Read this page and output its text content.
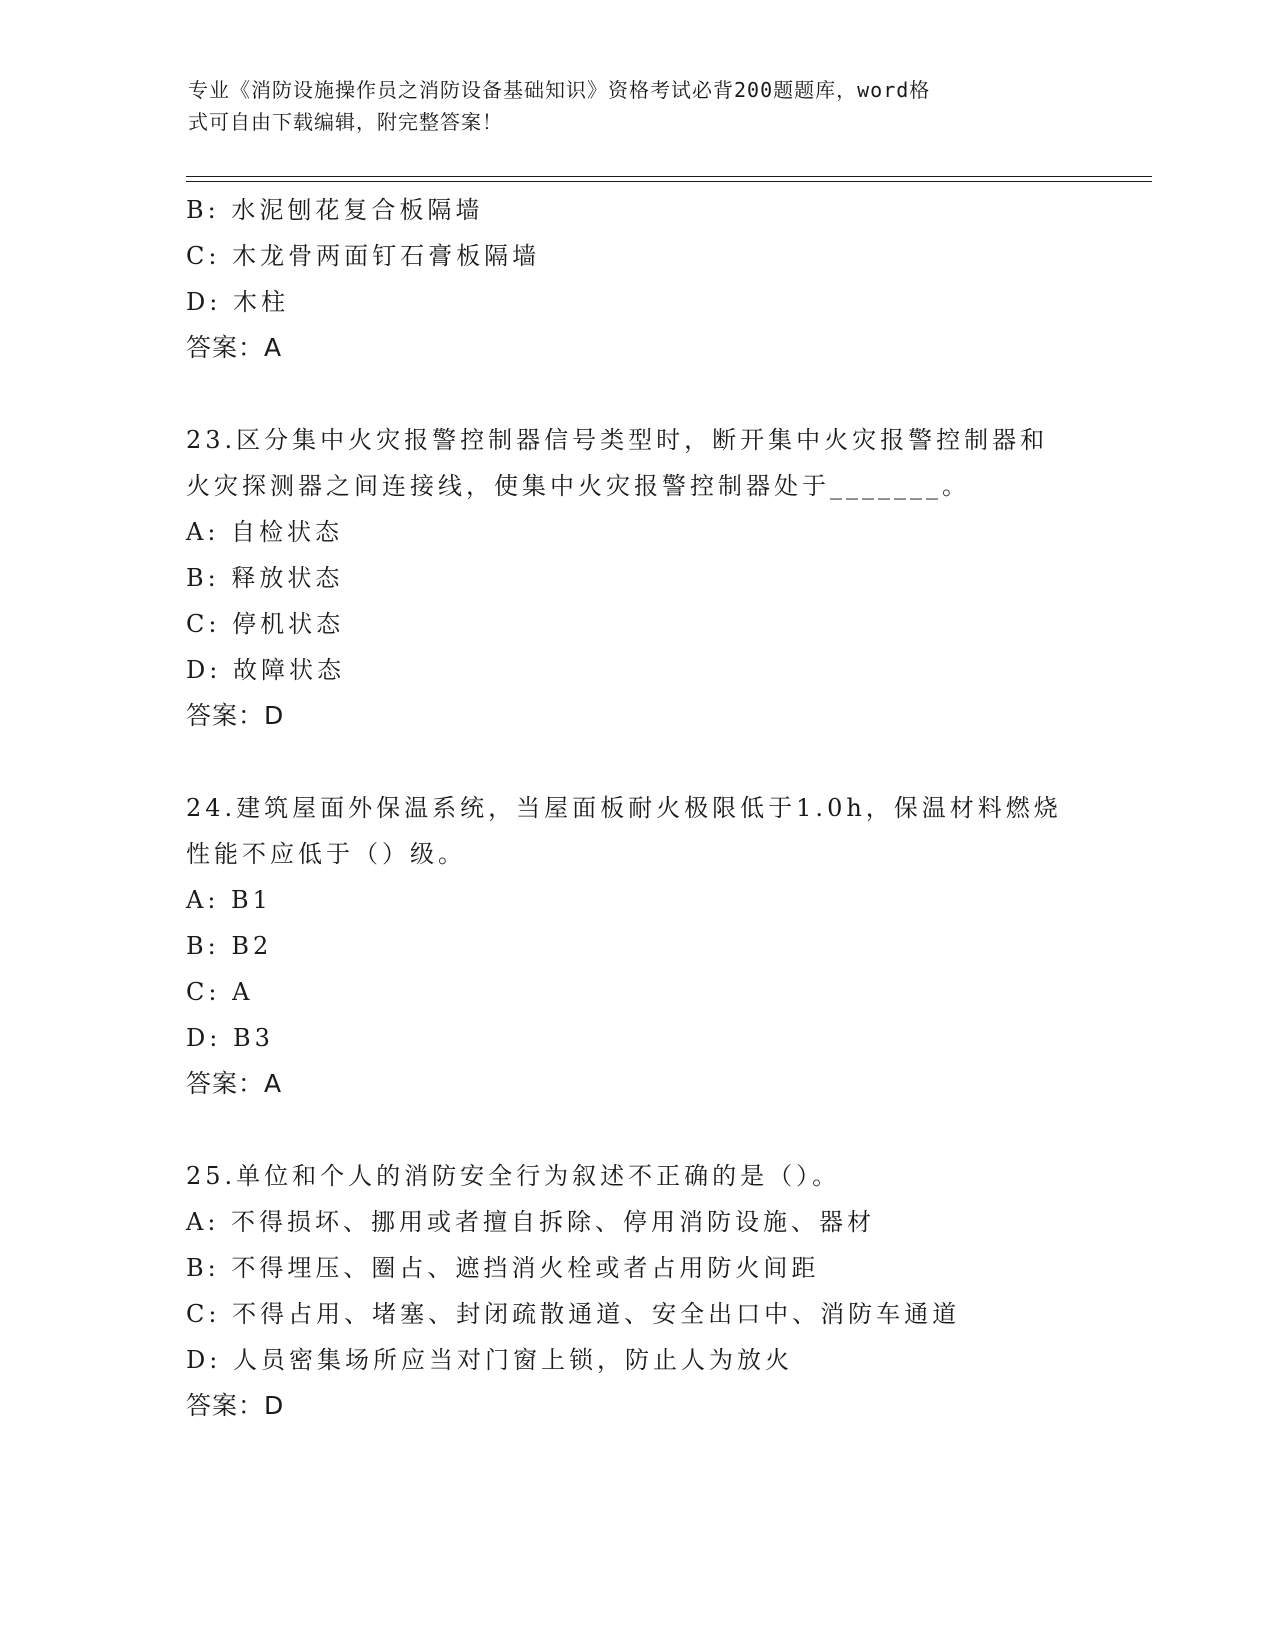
专业《消防设施操作员之消防设备基础知识》资格考试必背200题题库，word格
式可自由下载编辑，附完整答案！
B: 水泥刨花复合板隔墙
C: 木龙骨两面钉石膏板隔墙
D: 木柱
答案：A
23.区分集中火灾报警控制器信号类型时，断开集中火灾报警控制器和
火灾探测器之间连接线，使集中火灾报警控制器处于_______。
A: 自检状态
B: 释放状态
C: 停机状态
D: 故障状态
答案：D
24.建筑屋面外保温系统，当屋面板耐火极限低于1.0h，保温材料燃烧
性能不应低于（）级。
A: B1
B: B2
C: A
D: B3
答案：A
25.单位和个人的消防安全行为叙述不正确的是（）。
A: 不得损坏、挪用或者擅自拆除、停用消防设施、器材
B: 不得埋压、圈占、遮挡消火栓或者占用防火间距
C: 不得占用、堵塞、封闭疏散通道、安全出口中、消防车通道
D: 人员密集场所应当对门窗上锁，防止人为放火
答案：D
